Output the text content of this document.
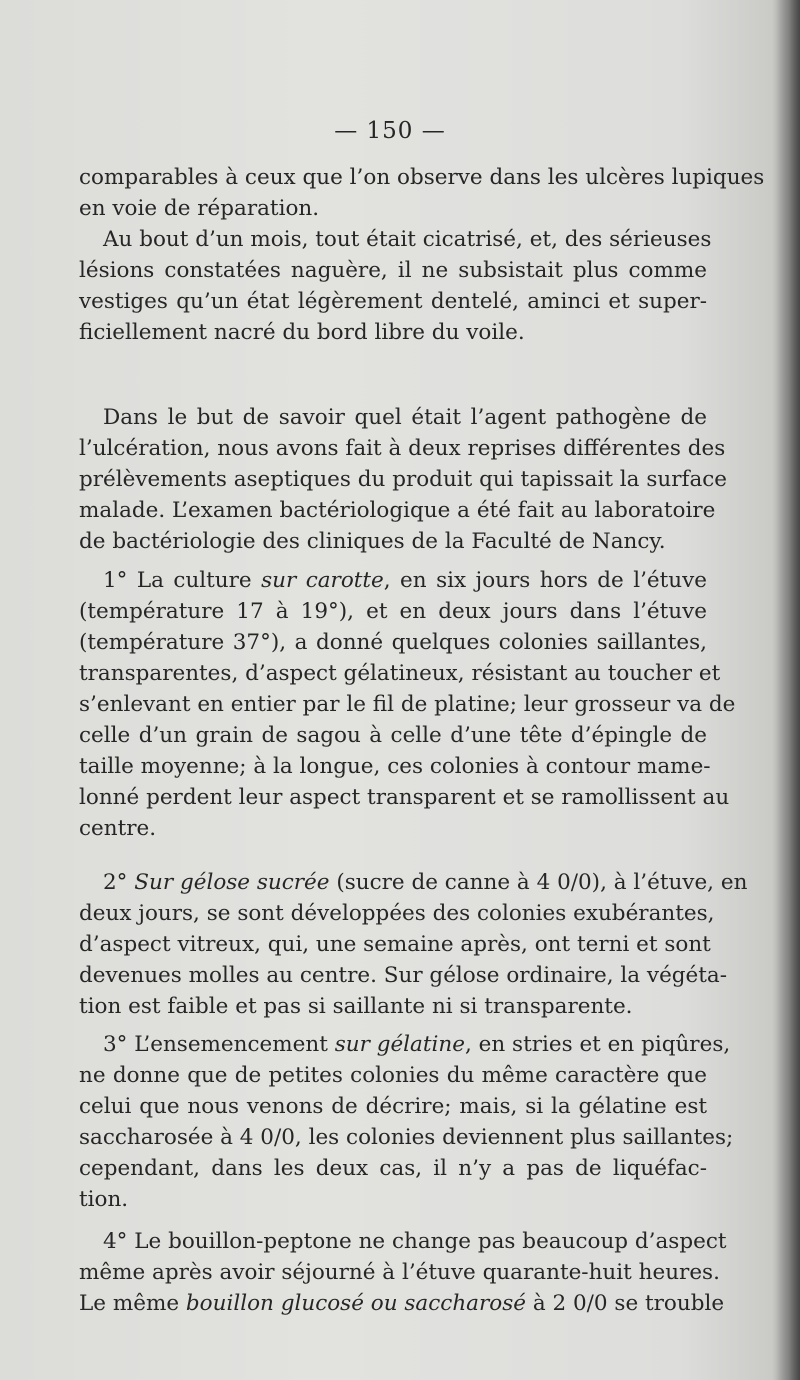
— 150 —
comparables à ceux que l’on observe dans les ulcères lupiques
en voie de réparation.
Au bout d’un mois, tout était cicatrisé, et, des sérieuses
lésions constatées naguère, il ne subsistait plus comme
vestiges qu’un état légèrement dentelé, aminci et super-
ficiellement nacré du bord libre du voile.
Dans le but de savoir quel était l’agent pathogène de
l’ulcération, nous avons fait à deux reprises différentes des
prélèvements aseptiques du produit qui tapissait la surface
malade. L’examen bactériologique a été fait au laboratoire
de bactériologie des cliniques de la Faculté de Nancy.
1° La culture sur carotte, en six jours hors de l’étuve
(température 17 à 19°), et en deux jours dans l’étuve
(température 37°), a donné quelques colonies saillantes,
transparentes, d’aspect gélatineux, résistant au toucher et
s’enlevant en entier par le fil de platine; leur grosseur va de
celle d’un grain de sagou à celle d’une tête d’épingle de
taille moyenne; à la longue, ces colonies à contour mame-
lonné perdent leur aspect transparent et se ramollissent au
centre.
2° Sur gélose sucrée (sucre de canne à 4 0/0), à l’étuve, en
deux jours, se sont développées des colonies exubérantes,
d’aspect vitreux, qui, une semaine après, ont terni et sont
devenues molles au centre. Sur gélose ordinaire, la végéta-
tion est faible et pas si saillante ni si transparente.
3° L’ensemencement sur gélatine, en stries et en piqûres,
ne donne que de petites colonies du même caractère que
celui que nous venons de décrire; mais, si la gélatine est
saccharosée à 4 0/0, les colonies deviennent plus saillantes;
cependant, dans les deux cas, il n’y a pas de liquéfac-
tion.
4° Le bouillon-peptone ne change pas beaucoup d’aspect
même après avoir séjourné à l’étuve quarante-huit heures.
Le même bouillon glucosé ou saccharosé à 2 0/0 se trouble
